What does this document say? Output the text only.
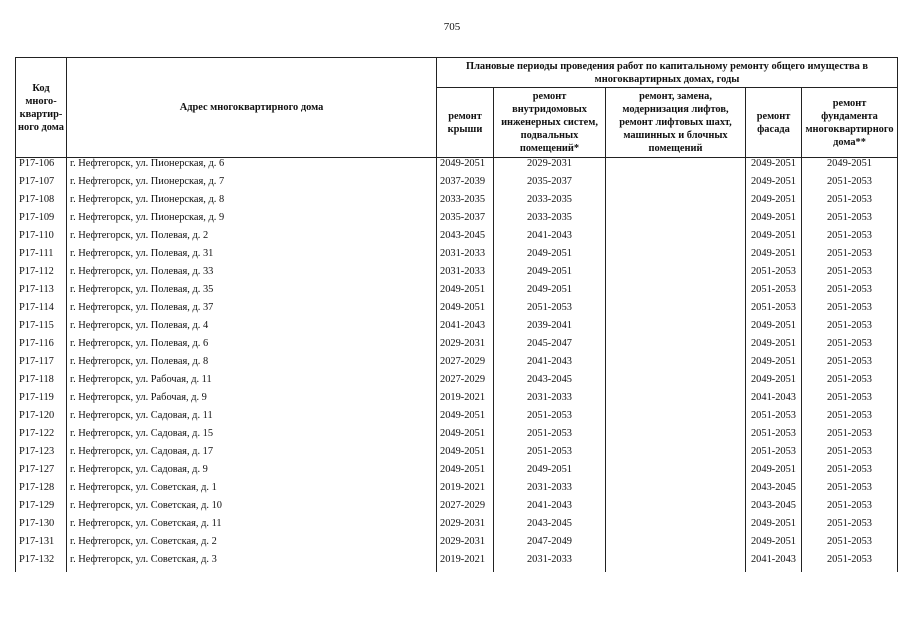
705
Код много-квартир-ного дома	Адрес многоквартирного дома	Плановые периоды проведения работ по капитальному ремонту общего имущества в многоквартирных домах, годы				
		ремонт крыши	ремонт внутридомовых инженерных систем, подвальных помещений*	ремонт, замена, модернизация лифтов, ремонт лифтовых шахт, машинных и блочных помещений	ремонт фасада	ремонт фундамента многоквартирного дома**
P17-106	г. Нефтегорск, ул. Пионерская, д. 6	2049-2051	2029-2031		2049-2051	2049-2051
P17-107	г. Нефтегорск, ул. Пионерская, д. 7	2037-2039	2035-2037		2049-2051	2051-2053
P17-108	г. Нефтегорск, ул. Пионерская, д. 8	2033-2035	2033-2035		2049-2051	2051-2053
P17-109	г. Нефтегорск, ул. Пионерская, д. 9	2035-2037	2033-2035		2049-2051	2051-2053
P17-110	г. Нефтегорск, ул. Полевая, д. 2	2043-2045	2041-2043		2049-2051	2051-2053
P17-111	г. Нефтегорск, ул. Полевая, д. 31	2031-2033	2049-2051		2049-2051	2051-2053
P17-112	г. Нефтегорск, ул. Полевая, д. 33	2031-2033	2049-2051		2051-2053	2051-2053
P17-113	г. Нефтегорск, ул. Полевая, д. 35	2049-2051	2049-2051		2051-2053	2051-2053
P17-114	г. Нефтегорск, ул. Полевая, д. 37	2049-2051	2051-2053		2051-2053	2051-2053
P17-115	г. Нефтегорск, ул. Полевая, д. 4	2041-2043	2039-2041		2049-2051	2051-2053
P17-116	г. Нефтегорск, ул. Полевая, д. 6	2029-2031	2045-2047		2049-2051	2051-2053
P17-117	г. Нефтегорск, ул. Полевая, д. 8	2027-2029	2041-2043		2049-2051	2051-2053
P17-118	г. Нефтегорск, ул. Рабочая, д. 11	2027-2029	2043-2045		2049-2051	2051-2053
P17-119	г. Нефтегорск, ул. Рабочая, д. 9	2019-2021	2031-2033		2041-2043	2051-2053
P17-120	г. Нефтегорск, ул. Садовая, д. 11	2049-2051	2051-2053		2051-2053	2051-2053
P17-122	г. Нефтегорск, ул. Садовая, д. 15	2049-2051	2051-2053		2051-2053	2051-2053
P17-123	г. Нефтегорск, ул. Садовая, д. 17	2049-2051	2051-2053		2051-2053	2051-2053
P17-127	г. Нефтегорск, ул. Садовая, д. 9	2049-2051	2049-2051		2049-2051	2051-2053
P17-128	г. Нефтегорск, ул. Советская, д. 1	2019-2021	2031-2033		2043-2045	2051-2053
P17-129	г. Нефтегорск, ул. Советская, д. 10	2027-2029	2041-2043		2043-2045	2051-2053
P17-130	г. Нефтегорск, ул. Советская, д. 11	2029-2031	2043-2045		2049-2051	2051-2053
P17-131	г. Нефтегорск, ул. Советская, д. 2	2029-2031	2047-2049		2049-2051	2051-2053
P17-132	г. Нефтегорск, ул. Советская, д. 3	2019-2021	2031-2033		2041-2043	2051-2053
